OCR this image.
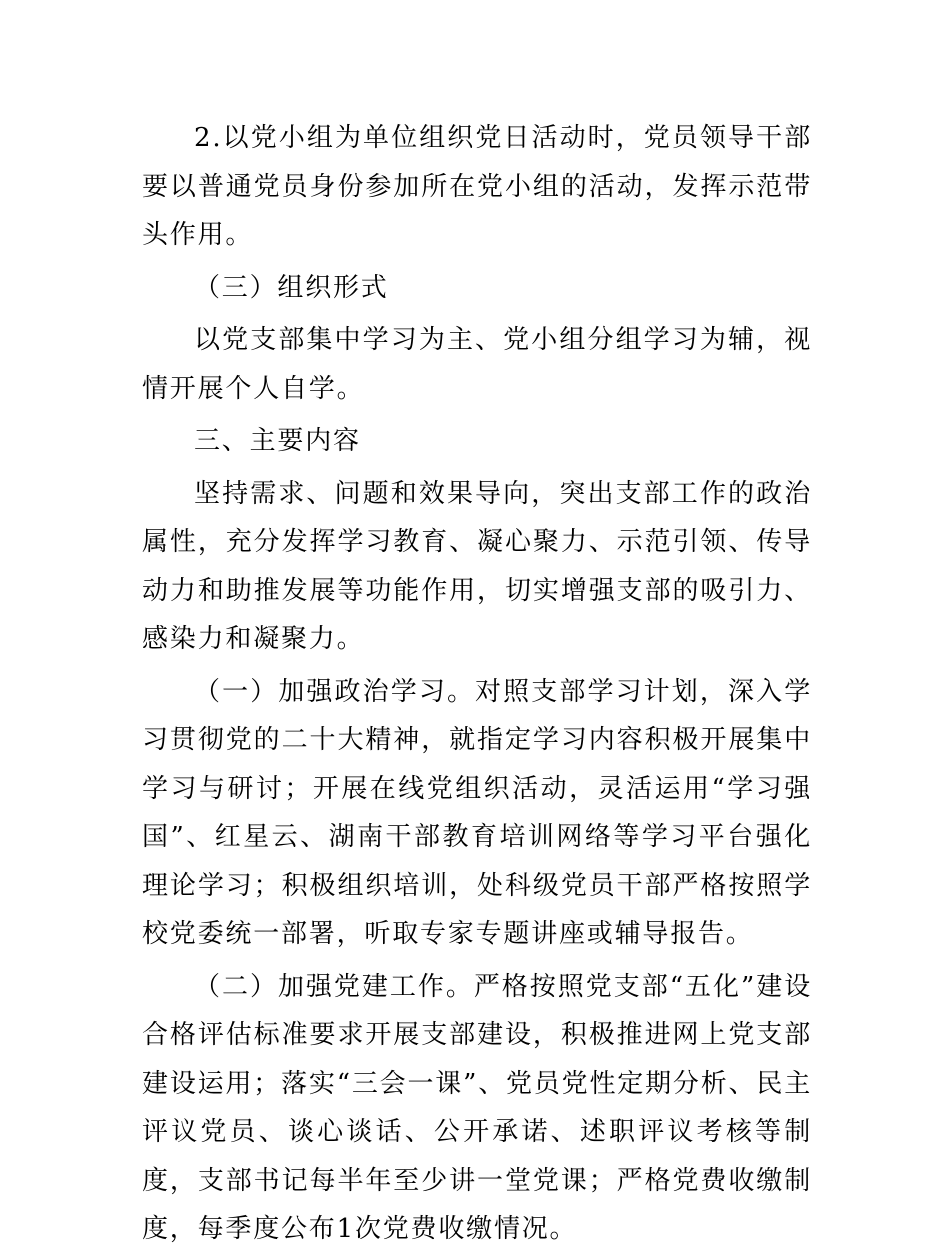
2.以党小组为单位组织党日活动时，党员领导干部要以普通党员身份参加所在党小组的活动，发挥示范带头作用。

（三）组织形式

以党支部集中学习为主、党小组分组学习为辅，视情开展个人自学。

三、主要内容

坚持需求、问题和效果导向，突出支部工作的政治属性，充分发挥学习教育、凝心聚力、示范引领、传导动力和助推发展等功能作用，切实增强支部的吸引力、感染力和凝聚力。

（一）加强政治学习。对照支部学习计划，深入学习贯彻党的二十大精神，就指定学习内容积极开展集中学习与研讨；开展在线党组织活动，灵活运用“学习强国”、红星云、湖南干部教育培训网络等学习平台强化理论学习；积极组织培训，处科级党员干部严格按照学校党委统一部署，听取专家专题讲座或辅导报告。

（二）加强党建工作。严格按照党支部“五化”建设合格评估标准要求开展支部建设，积极推进网上党支部建设运用；落实“三会一课”、党员党性定期分析、民主评议党员、谈心谈话、公开承诺、述职评议考核等制度，支部书记每半年至少讲一堂党课；严格党费收缴制度，每季度公布1次党费收缴情况。
